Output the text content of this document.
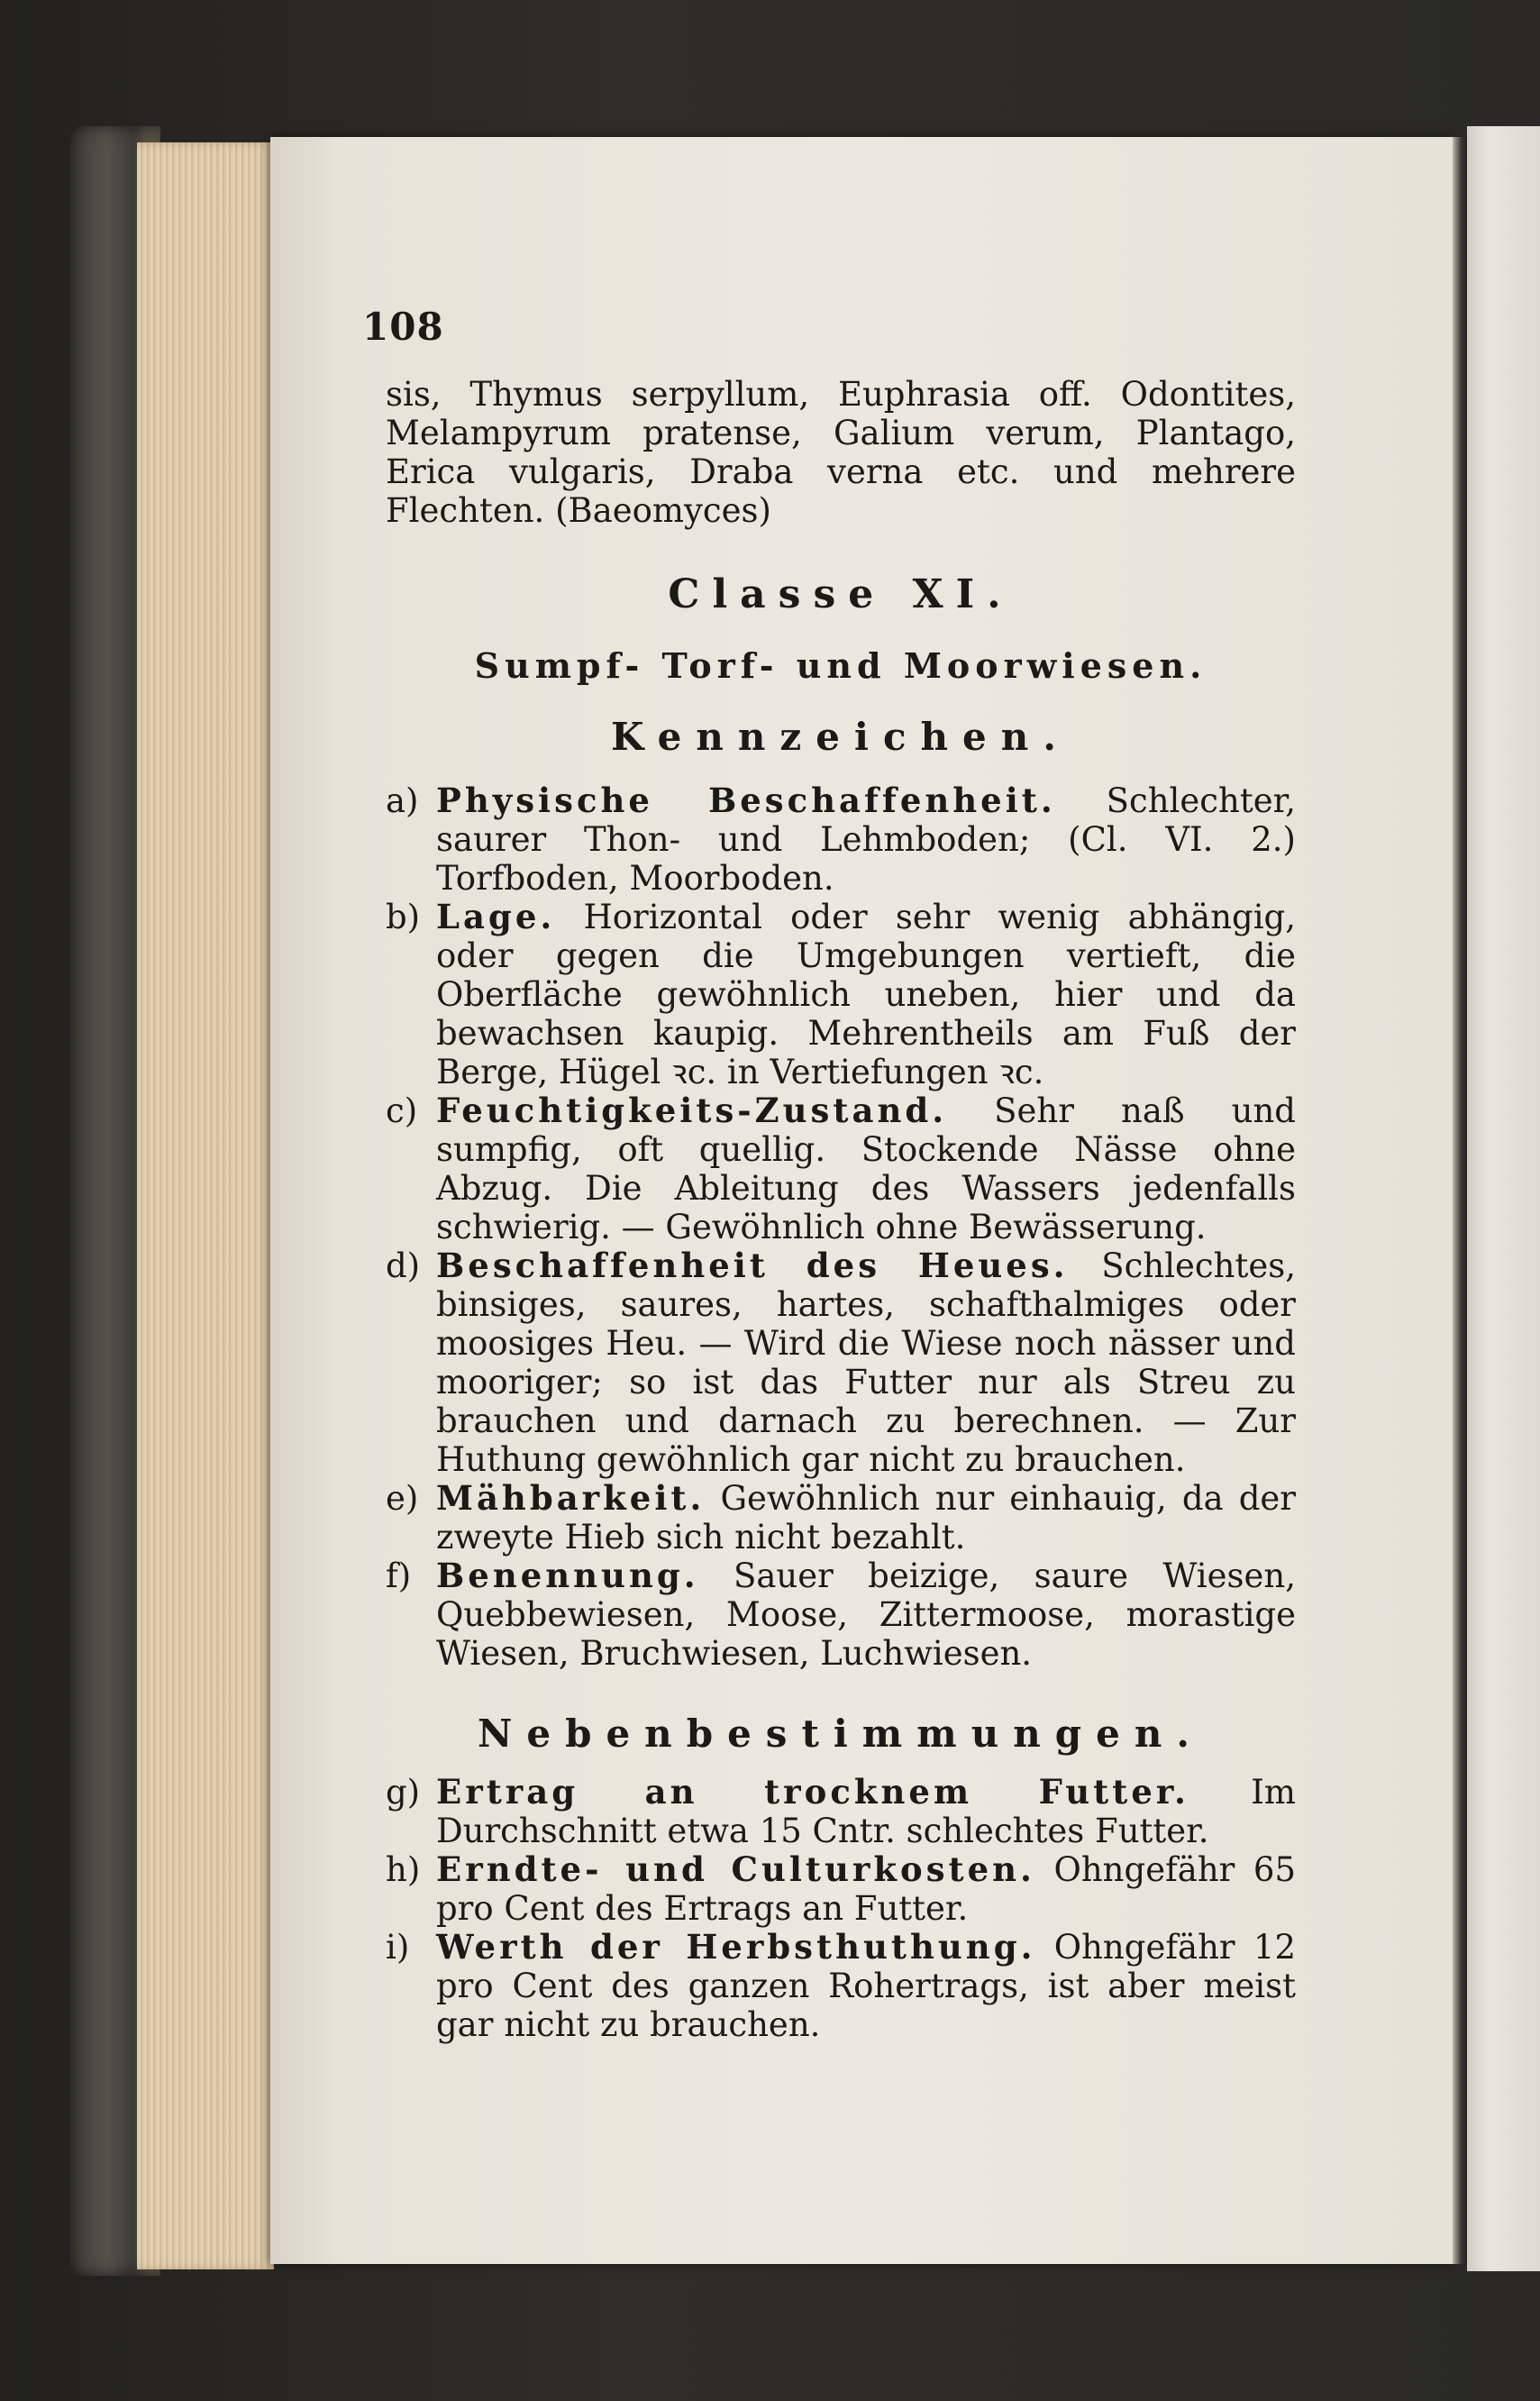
108

sis, Thymus serpyllum, Euphrasia off. Odontites, Melampyrum pratense, Galium verum, Plantago, Erica vulgaris, Draba verna etc. und mehrere Flechten. (Baeomyces)

Classe XI.

Sumpf- Torf- und Moorwiesen.

Kennzeichen.

a) Physische Beschaffenheit. Schlechter, saurer Thon- und Lehmboden; (Cl. VI. 2.) Torfboden, Moorboden.
b) Lage. Horizontal oder sehr wenig abhängig, oder gegen die Umgebungen vertieft, die Oberfläche gewöhnlich uneben, hier und da bewachsen kaupig. Mehrentheils am Fuß der Berge, Hügel ꝛc. in Vertiefungen ꝛc.
c) Feuchtigkeits-Zustand. Sehr naß und sumpfig, oft quellig. Stockende Nässe ohne Abzug. Die Ableitung des Wassers jedenfalls schwierig. — Gewöhnlich ohne Bewässerung.
d) Beschaffenheit des Heues. Schlechtes, binsiges, saures, hartes, schafthalmiges oder moosiges Heu. — Wird die Wiese noch nässer und mooriger; so ist das Futter nur als Streu zu brauchen und darnach zu berechnen. — Zur Huthung gewöhnlich gar nicht zu brauchen.
e) Mähbarkeit. Gewöhnlich nur einhauig, da der zweyte Hieb sich nicht bezahlt.
f) Benennung. Sauer beizige, saure Wiesen, Quebbewiesen, Moose, Zittermoose, morastige Wiesen, Bruchwiesen, Luchwiesen.

Nebenbestimmungen.

g) Ertrag an trocknem Futter. Im Durchschnitt etwa 15 Cntr. schlechtes Futter.
h) Erndte- und Culturkosten. Ohngefähr 65 pro Cent des Ertrags an Futter.
i) Werth der Herbsthuthung. Ohngefähr 12 pro Cent des ganzen Rohertrags, ist aber meist gar nicht zu brauchen.
